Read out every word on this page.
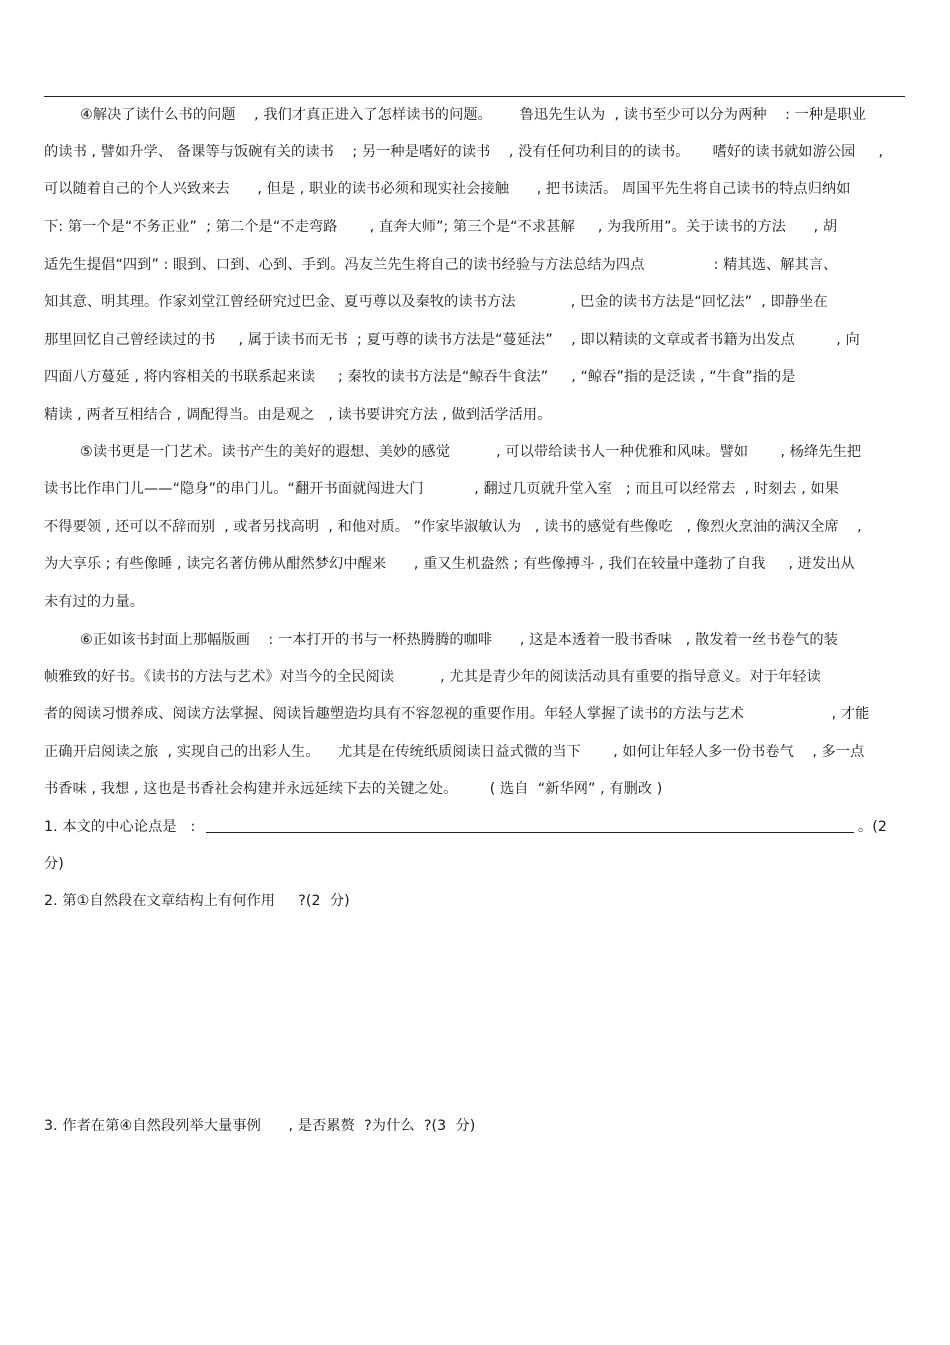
④解决了读什么书的问题    , 我们才真正进入了怎样读书的问题。      鲁迅先生认为  , 读书至少可以分为两种    : 一种是职业

的读书 , 譬如升学、 备课等与饭碗有关的读书    ; 另一种是嗜好的读书    , 没有任何功利目的的读书。     嗜好的读书就如游公园     ,

可以随着自己的个人兴致来去      , 但是 , 职业的读书必须和现实社会接触      , 把书读活。 周国平先生将自己读书的特点归纳如

下: 第一个是“不务正业”  ; 第二个是“不走弯路       , 直奔大师”; 第三个是“不求甚解     , 为我所用”。关于读书的方法      , 胡

适先生提倡“四到” : 眼到、口到、心到、手到。冯友兰先生将自己的读书经验与方法总结为四点               : 精其选、解其言、

知其意、明其理。作家刘堂江曾经研究过巴金、夏丏尊以及秦牧的读书方法            , 巴金的读书方法是“回忆法”  , 即静坐在

那里回忆自己曾经读过的书     , 属于读书而无书  ; 夏丏尊的读书方法是“蔓延法”    , 即以精读的文章或者书籍为出发点         , 向

四面八方蔓延 , 将内容相关的书联系起来读     ; 秦牧的读书方法是“鲸吞牛食法”     , “鲸吞”指的是泛读 , “牛食”指的是

精读 , 两者互相结合 , 调配得当。由是观之   , 读书要讲究方法 , 做到活学活用。

⑤读书更是一门艺术。读书产生的美好的遐想、美妙的感觉          , 可以带给读书人一种优雅和风味。譬如       , 杨绛先生把

读书比作串门儿——“隐身”的串门儿。“翻开书面就闯进大门           , 翻过几页就升堂入室   ; 而且可以经常去  , 时刻去 , 如果

不得要领 , 还可以不辞而别  , 或者另找高明  , 和他对质。 ”作家毕淑敏认为   , 读书的感觉有些像吃   , 像烈火烹油的满汉全席    ,

为大享乐 ; 有些像睡 , 读完名著仿佛从酣然梦幻中醒来      , 重又生机盎然 ; 有些像搏斗 , 我们在较量中蓬勃了自我     , 迸发出从

未有过的力量。

⑥正如该书封面上那幅版画    : 一本打开的书与一杯热腾腾的咖啡      , 这是本透着一股书香味   , 散发着一丝书卷气的装

帧雅致的好书。《读书的方法与艺术》对当今的全民阅读          , 尤其是青少年的阅读活动具有重要的指导意义。对于年轻读

者的阅读习惯养成、阅读方法掌握、阅读旨趣塑造均具有不容忽视的重要作用。年轻人掌握了读书的方法与艺术                   , 才能

正确开启阅读之旅  , 实现自己的出彩人生。    尤其是在传统纸质阅读日益式微的当下       , 如何让年轻人多一份书卷气    , 多一点

书香味 , 我想 , 这也是书香社会构建并永远延续下去的关键之处。       ( 选自  “新华网” , 有删改 )

1. 本文的中心论点是   :	。(2

分)

2. 第①自然段在文章结构上有何作用     ?(2  分)

3. 作者在第④自然段列举大量事例      , 是否累赘  ?为什么  ?(3  分)
